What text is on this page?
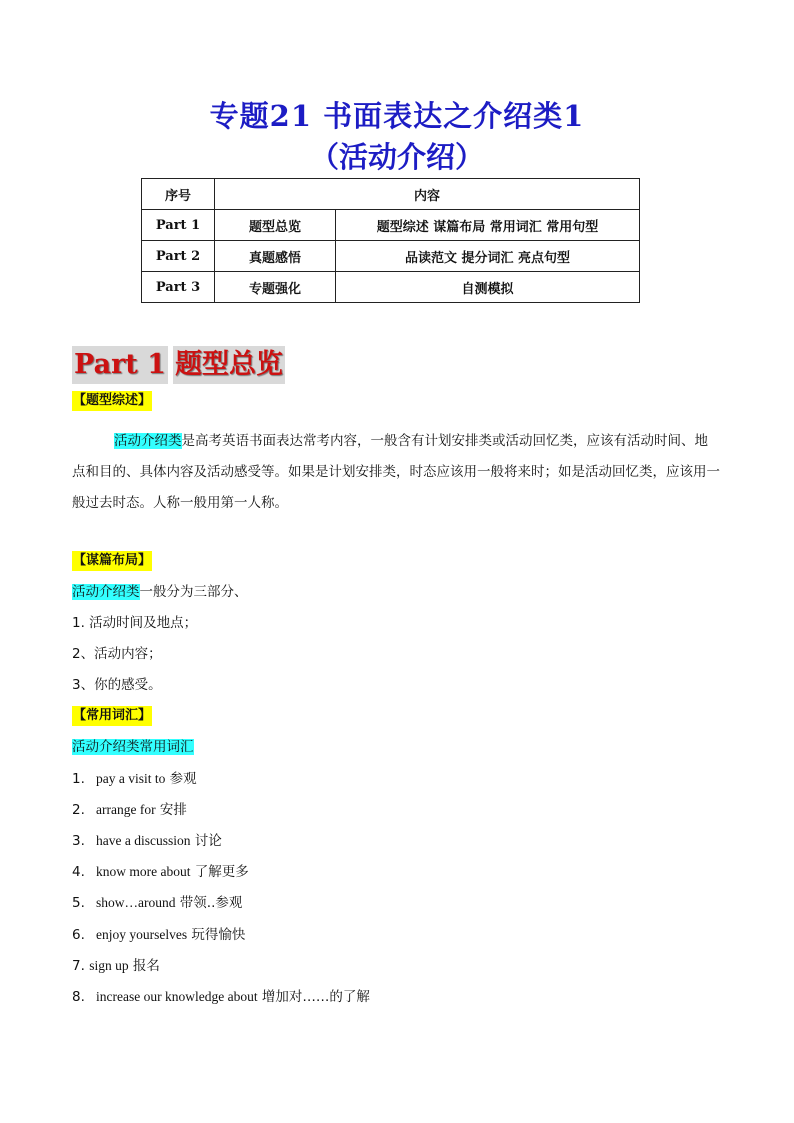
专题21 书面表达之介绍类1
（活动介绍）
序号	内容	
Part 1	题型总览	题型综述 谋篇布局 常用词汇 常用句型
Part 2	真题感悟	品读范文 提分词汇 亮点句型
Part 3	专题强化	自测模拟
Part 1 题型总览
【题型综述】
活动介绍类是高考英语书面表达常考内容，一般含有计划安排类或活动回忆类，应该有活动时间、地点和目的、具体内容及活动感受等。如果是计划安排类，时态应该用一般将来时；如是活动回忆类，应该用一般过去时态。人称一般用第一人称。
【谋篇布局】
活动介绍类一般分为三部分、
1. 活动时间及地点；
2、活动内容；
3、你的感受。
【常用词汇】
活动介绍类常用词汇
1. pay a visit to 参观
2. arrange for 安排
3. have a discussion 讨论
4. know more about 了解更多
5. show…around 带领..参观
6. enjoy yourselves 玩得愉快
7. sign up 报名
8. increase our knowledge about 增加对……的了解
